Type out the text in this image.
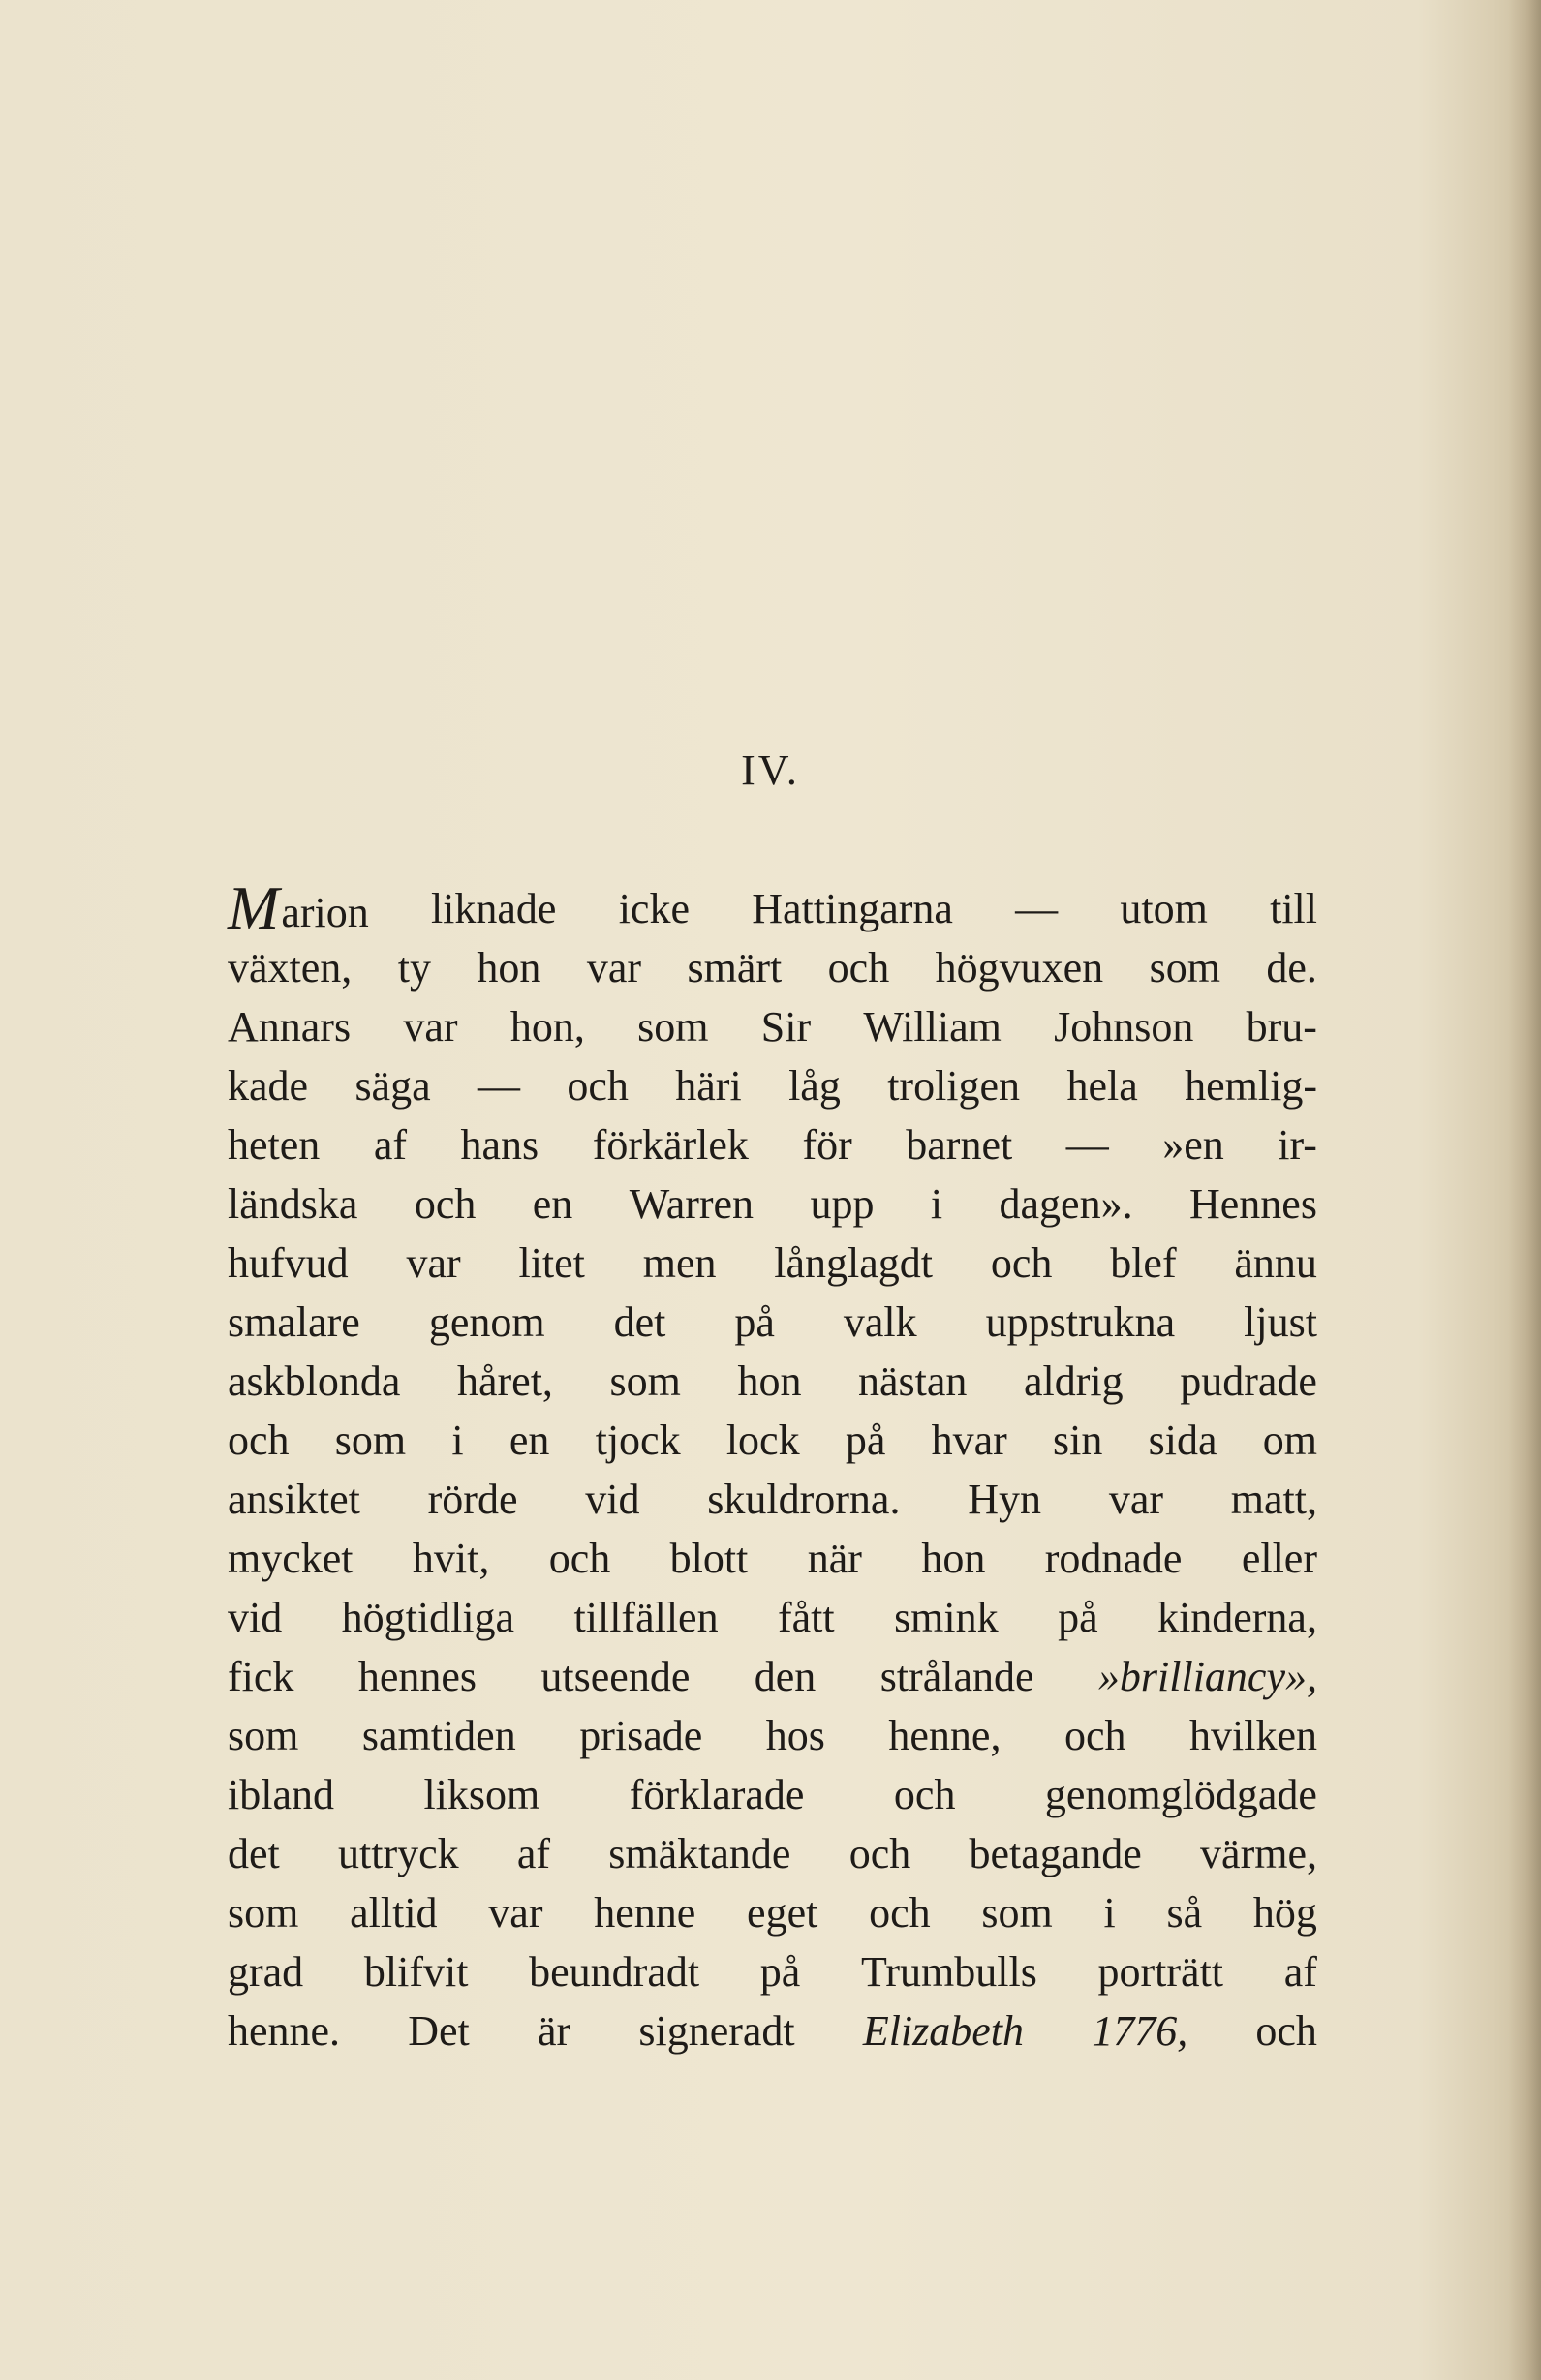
IV.
Marion liknade icke Hattingarna — utom till
växten, ty hon var smärt och högvuxen som de.
Annars var hon, som Sir William Johnson bru-
kade säga — och häri låg troligen hela hemlig-
heten af hans förkärlek för barnet — »en ir-
ländska och en Warren upp i dagen». Hennes
hufvud var litet men långlagdt och blef ännu
smalare genom det på valk uppstrukna ljust
askblonda håret, som hon nästan aldrig pudrade
och som i en tjock lock på hvar sin sida om
ansiktet rörde vid skuldrorna. Hyn var matt,
mycket hvit, och blott när hon rodnade eller
vid högtidliga tillfällen fått smink på kinderna,
fick hennes utseende den strålande »brilliancy»,
som samtiden prisade hos henne, och hvilken
ibland liksom förklarade och genomglödgade
det uttryck af smäktande och betagande värme,
som alltid var henne eget och som i så hög
grad blifvit beundradt på Trumbulls porträtt af
henne. Det är signeradt Elizabeth 1776, och
